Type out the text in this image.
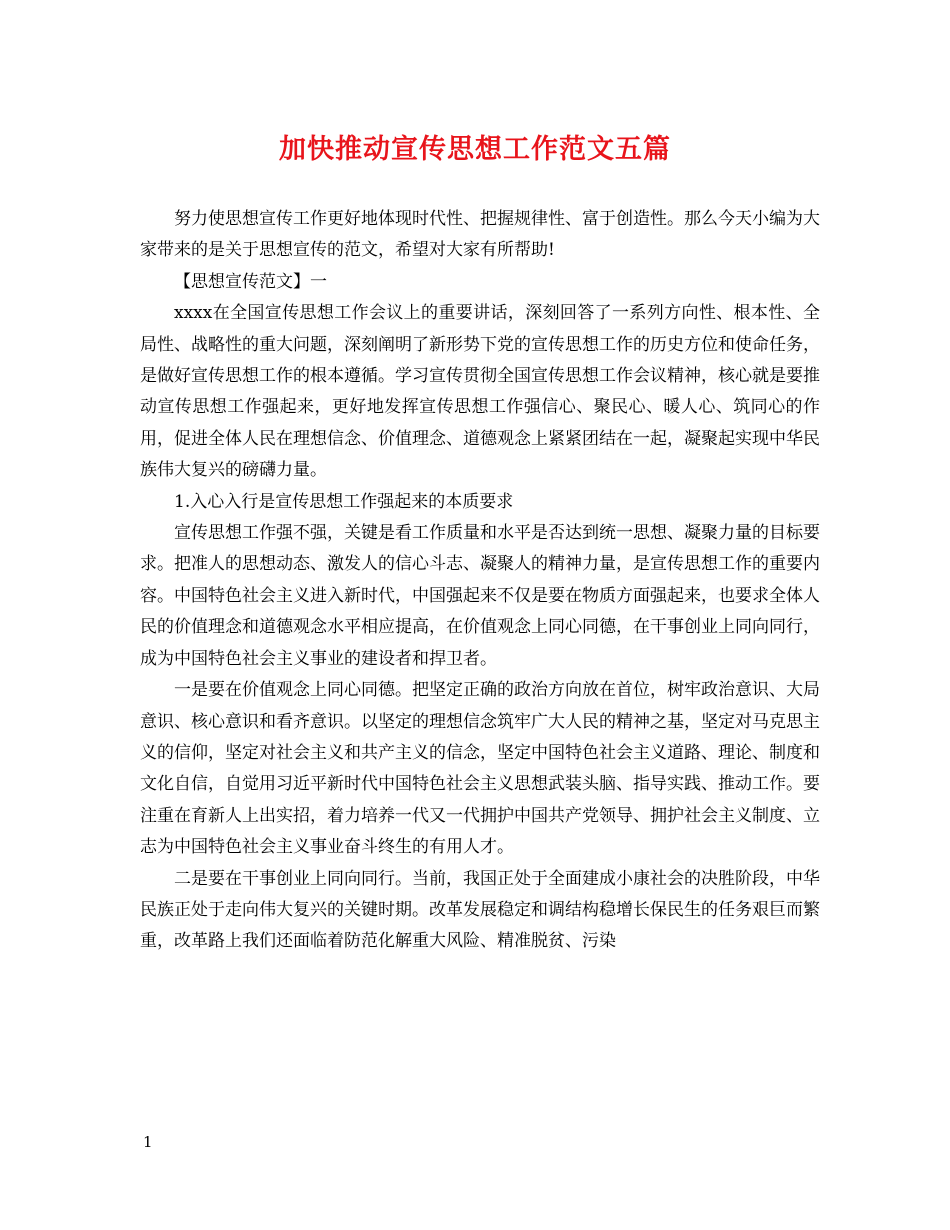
加快推动宣传思想工作范文五篇

努力使思想宣传工作更好地体现时代性、把握规律性、富于创造性。那么今天小编为大家带来的是关于思想宣传的范文，希望对大家有所帮助!

【思想宣传范文】一

xxxx在全国宣传思想工作会议上的重要讲话，深刻回答了一系列方向性、根本性、全局性、战略性的重大问题，深刻阐明了新形势下党的宣传思想工作的历史方位和使命任务，是做好宣传思想工作的根本遵循。学习宣传贯彻全国宣传思想工作会议精神，核心就是要推动宣传思想工作强起来，更好地发挥宣传思想工作强信心、聚民心、暖人心、筑同心的作用，促进全体人民在理想信念、价值理念、道德观念上紧紧团结在一起，凝聚起实现中华民族伟大复兴的磅礴力量。

1.入心入行是宣传思想工作强起来的本质要求

宣传思想工作强不强，关键是看工作质量和水平是否达到统一思想、凝聚力量的目标要求。把准人的思想动态、激发人的信心斗志、凝聚人的精神力量，是宣传思想工作的重要内容。中国特色社会主义进入新时代，中国强起来不仅是要在物质方面强起来，也要求全体人民的价值理念和道德观念水平相应提高，在价值观念上同心同德，在干事创业上同向同行，成为中国特色社会主义事业的建设者和捍卫者。

一是要在价值观念上同心同德。把坚定正确的政治方向放在首位，树牢政治意识、大局意识、核心意识和看齐意识。以坚定的理想信念筑牢广大人民的精神之基，坚定对马克思主义的信仰，坚定对社会主义和共产主义的信念，坚定中国特色社会主义道路、理论、制度和文化自信，自觉用习近平新时代中国特色社会主义思想武装头脑、指导实践、推动工作。要注重在育新人上出实招，着力培养一代又一代拥护中国共产党领导、拥护社会主义制度、立志为中国特色社会主义事业奋斗终生的有用人才。

二是要在干事创业上同向同行。当前，我国正处于全面建成小康社会的决胜阶段，中华民族正处于走向伟大复兴的关键时期。改革发展稳定和调结构稳增长保民生的任务艰巨而繁重，改革路上我们还面临着防范化解重大风险、精准脱贫、污染

1
